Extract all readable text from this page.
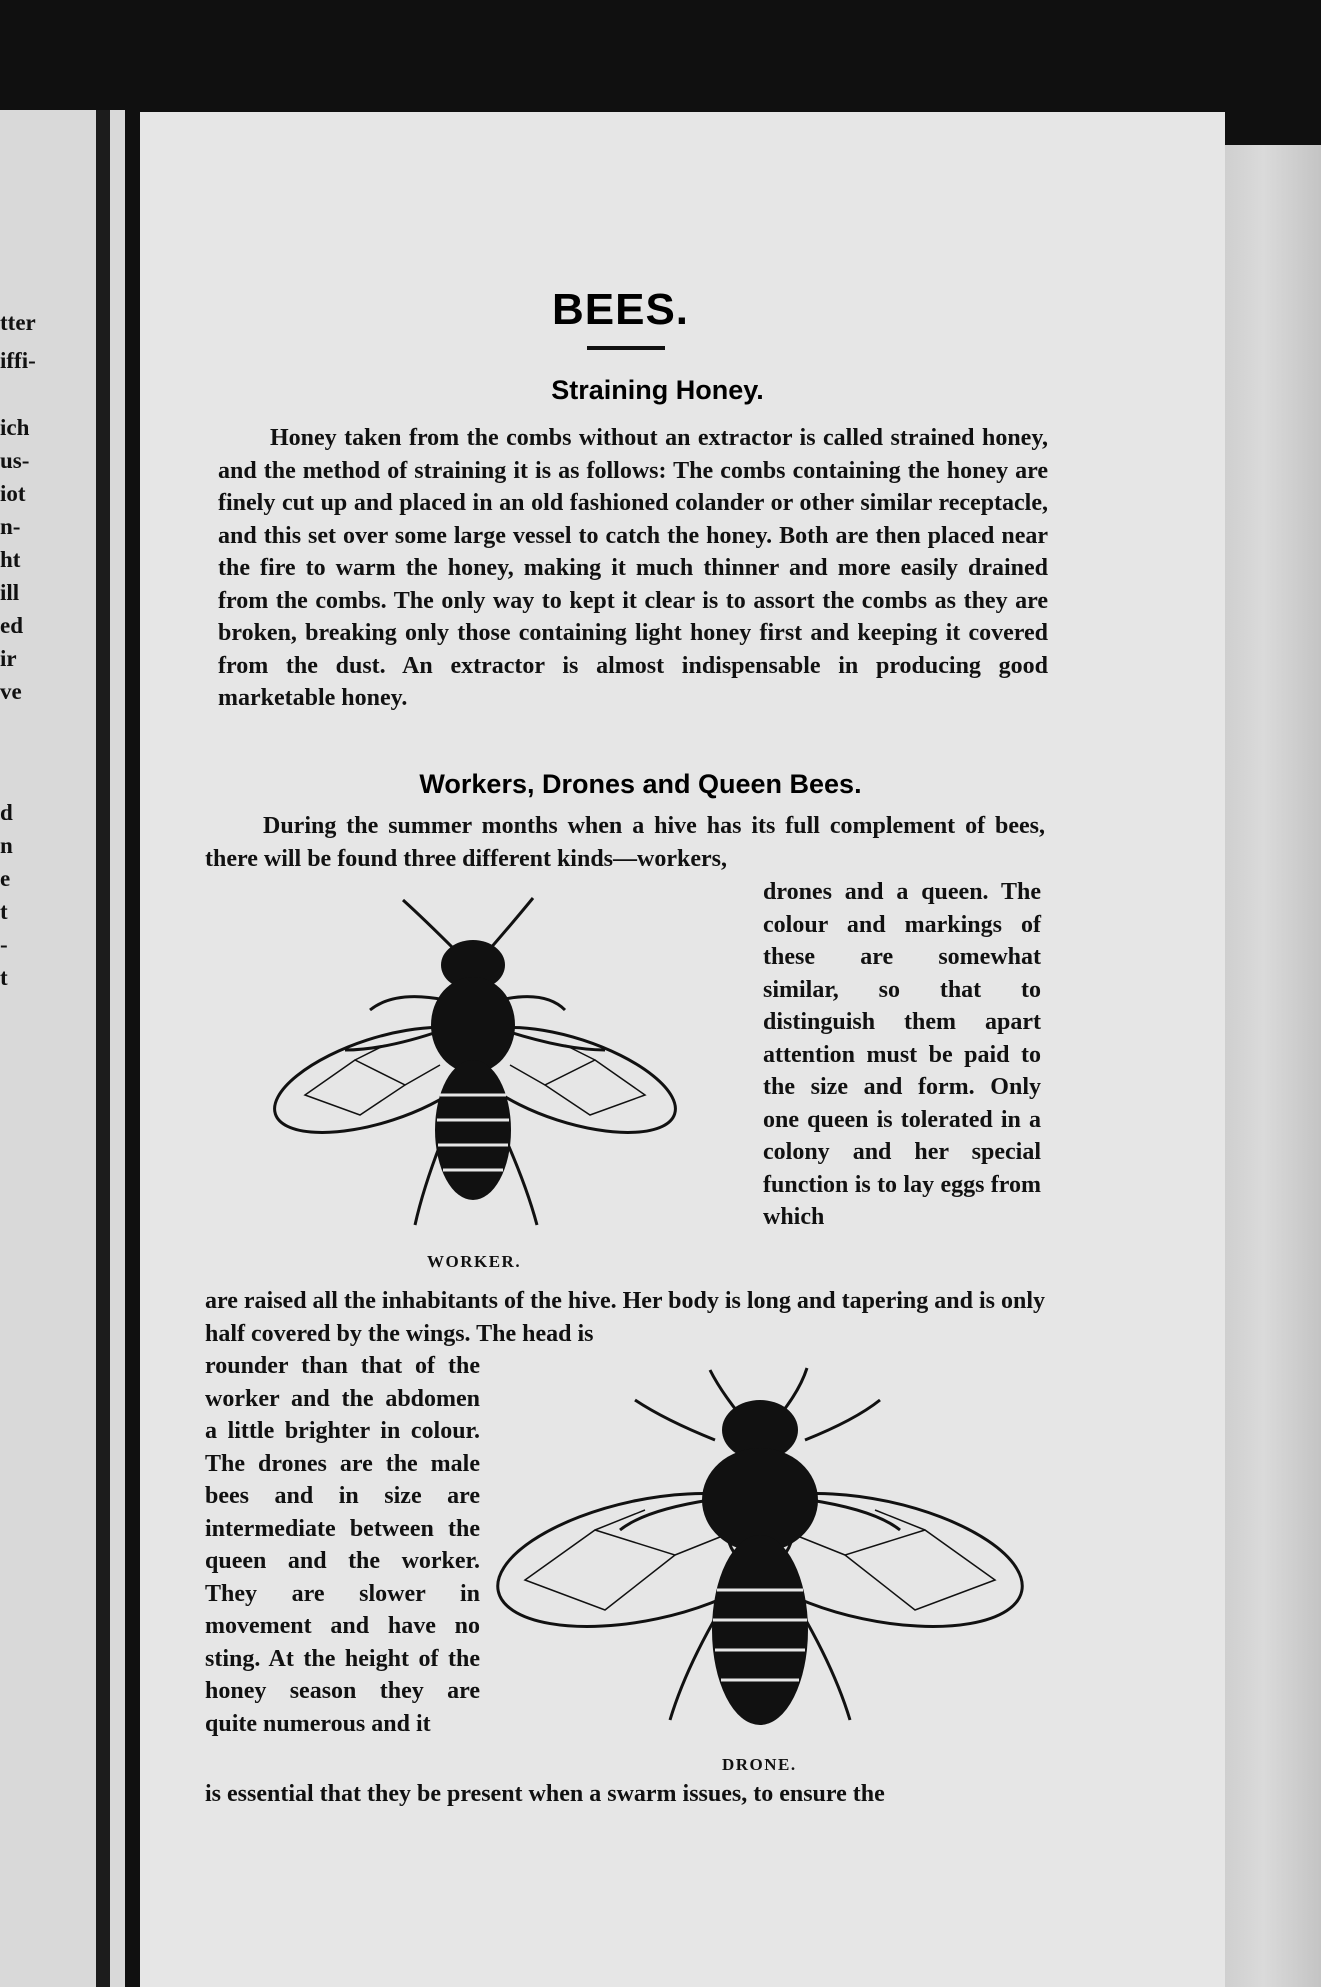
tter
iffi-
ich
us-
iot
n-
ht
ill
ed
ir
ve
d
n
e
t
-
t
BEES.
Straining Honey.
Honey taken from the combs without an extractor is called strained honey, and the method of straining it is as follows: The combs containing the honey are finely cut up and placed in an old fashioned colander or other similar receptacle, and this set over some large vessel to catch the honey. Both are then placed near the fire to warm the honey, making it much thinner and more easily drained from the combs. The only way to kept it clear is to assort the combs as they are broken, breaking only those containing light honey first and keeping it covered from the dust. An extractor is almost indispensable in producing good marketable honey.
Workers, Drones and Queen Bees.
During the summer months when a hive has its full complement of bees, there will be found three different kinds—workers,
drones and a queen. The colour and markings of these are somewhat similar, so that to distinguish them apart attention must be paid to the size and form. Only one queen is tolerated in a colony and her special function is to lay eggs from which
are raised all the inhabitants of the hive. Her body is long and tapering and is only half covered by the wings. The head is
rounder than that of the worker and the abdomen a little brighter in colour. The drones are the male bees and in size are intermediate between the queen and the worker. They are slower in movement and have no sting. At the height of the honey season they are quite numerous and it
is essential that they be present when a swarm issues, to ensure the
WORKER.
DRONE.
